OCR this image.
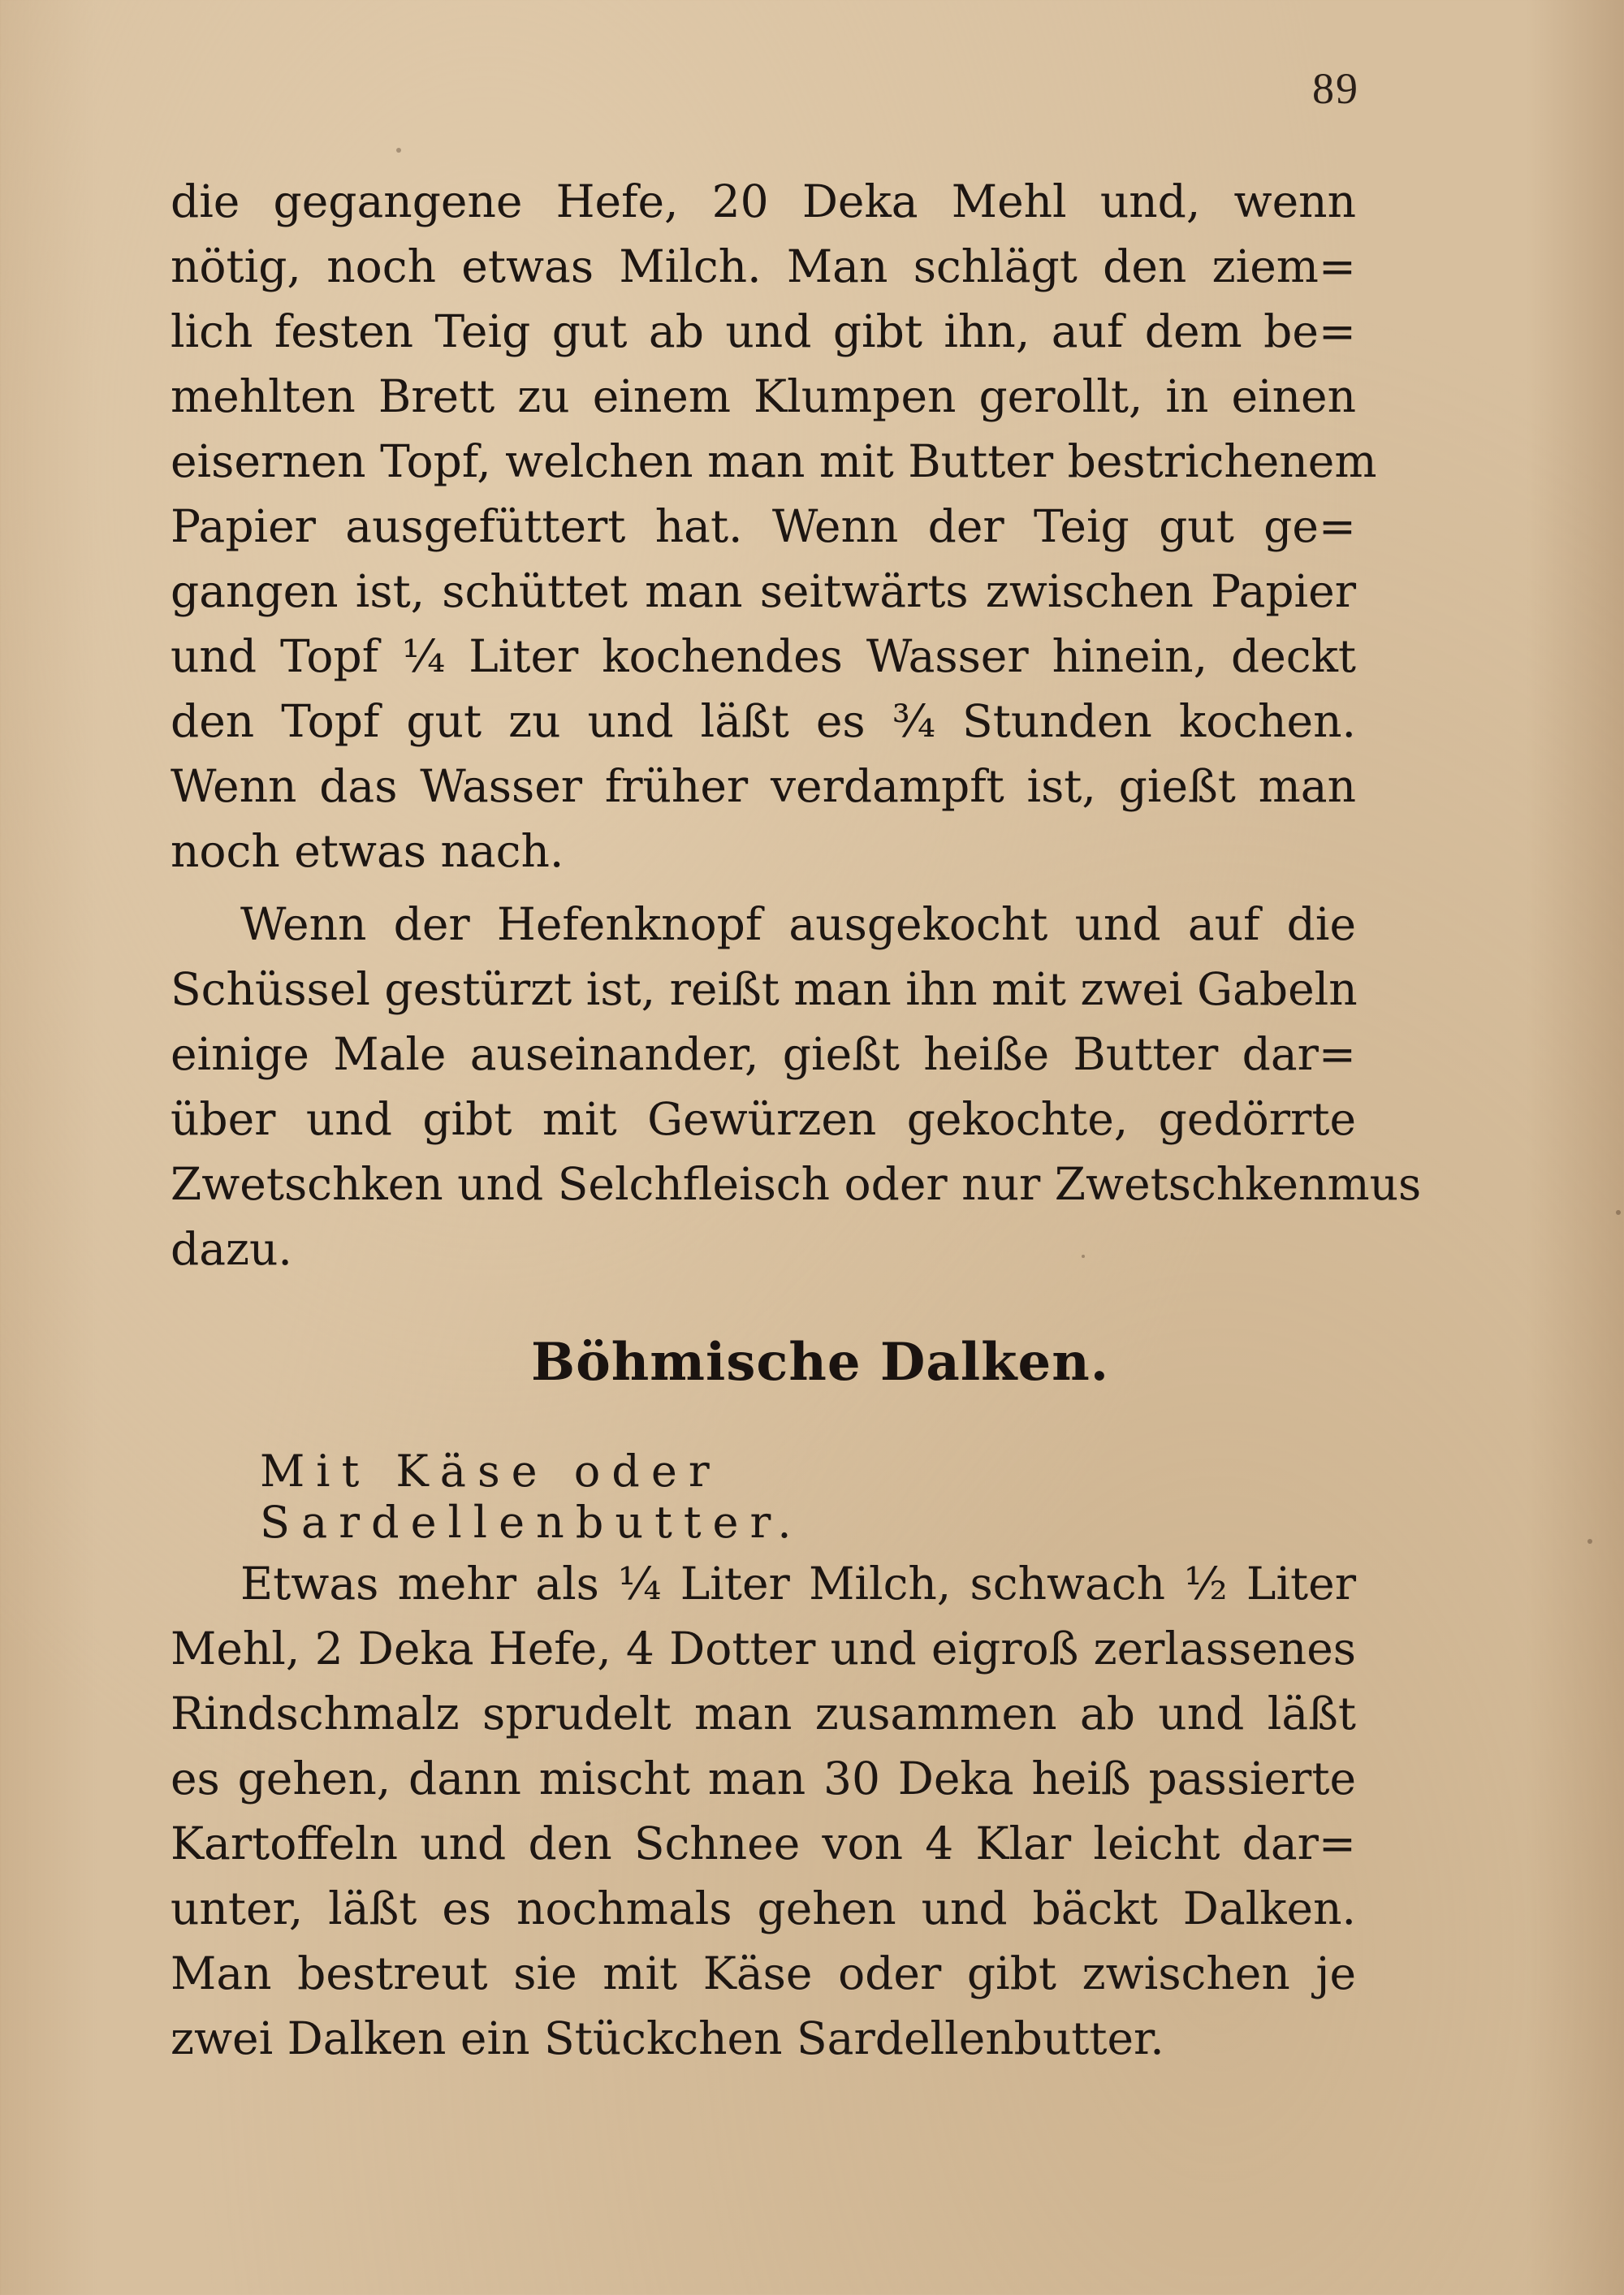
89
die gegangene Hefe, 20 Deka Mehl und, wenn
nötig, noch etwas Milch. Man schlägt den ziem=
lich festen Teig gut ab und gibt ihn, auf dem be=
mehlten Brett zu einem Klumpen gerollt, in einen
eisernen Topf, welchen man mit Butter bestrichenem
Papier ausgefüttert hat. Wenn der Teig gut ge=
gangen ist, schüttet man seitwärts zwischen Papier
und Topf ¼ Liter kochendes Wasser hinein, deckt
den Topf gut zu und läßt es ¾ Stunden kochen.
Wenn das Wasser früher verdampft ist, gießt man
noch etwas nach.
Wenn der Hefenknopf ausgekocht und auf die
Schüssel gestürzt ist, reißt man ihn mit zwei Gabeln
einige Male auseinander, gießt heiße Butter dar=
über und gibt mit Gewürzen gekochte, gedörrte
Zwetschken und Selchfleisch oder nur Zwetschkenmus
dazu.
Böhmische Dalken.
Mit Käse oder Sardellenbutter.
Etwas mehr als ¼ Liter Milch, schwach ½ Liter
Mehl, 2 Deka Hefe, 4 Dotter und eigroß zerlassenes
Rindschmalz sprudelt man zusammen ab und läßt
es gehen, dann mischt man 30 Deka heiß passierte
Kartoffeln und den Schnee von 4 Klar leicht dar=
unter, läßt es nochmals gehen und bäckt Dalken.
Man bestreut sie mit Käse oder gibt zwischen je
zwei Dalken ein Stückchen Sardellenbutter.
